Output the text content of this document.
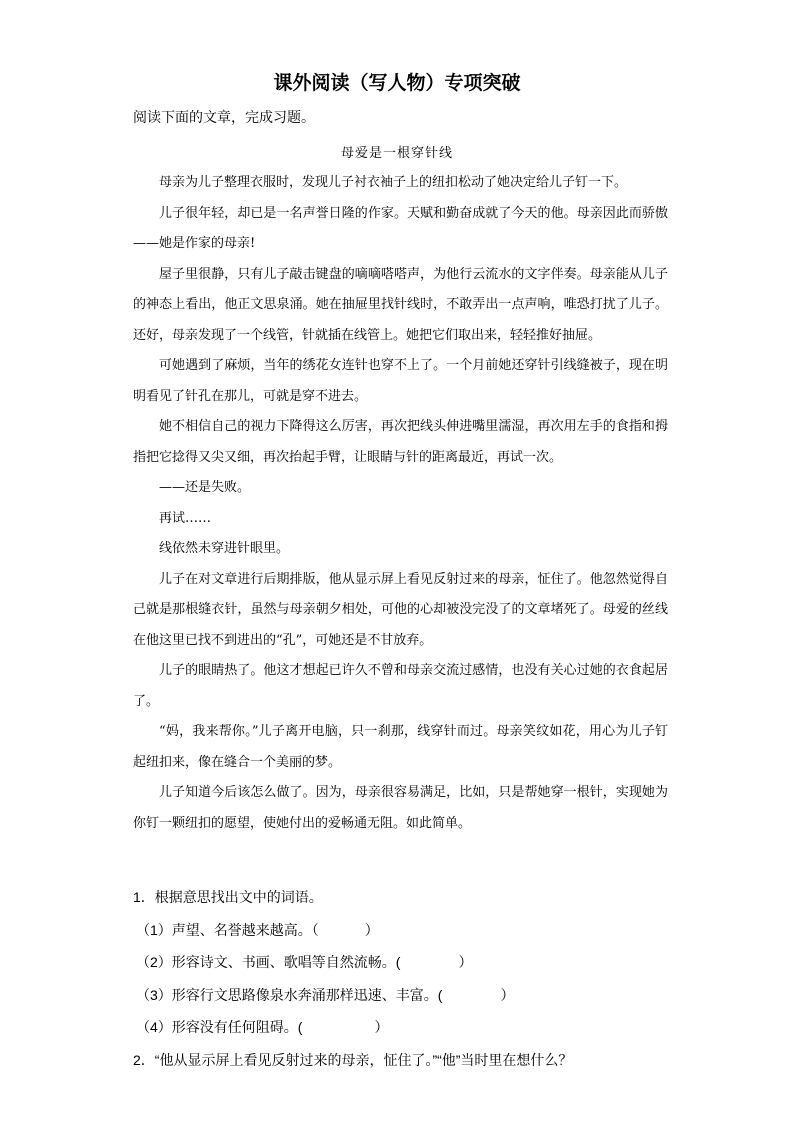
课外阅读（写人物）专项突破
阅读下面的文章，完成习题。
母爱是一根穿针线

母亲为儿子整理衣服时，发现儿子衬衣袖子上的纽扣松动了她决定给儿子钉一下。

儿子很年轻，却已是一名声誉日隆的作家。天赋和勤奋成就了今天的他。母亲因此而骄傲——她是作家的母亲!

屋子里很静，只有儿子敲击键盘的嘀嘀嗒嗒声，为他行云流水的文字伴奏。母亲能从儿子的神态上看出，他正文思泉涌。她在抽屉里找针线时，不敢弄出一点声响，唯恐打扰了儿子。还好，母亲发现了一个线管，针就插在线管上。她把它们取出来，轻轻推好抽屉。

可她遇到了麻烦，当年的绣花女连针也穿不上了。一个月前她还穿针引线缝被子，现在明明看见了针孔在那儿，可就是穿不进去。

她不相信自己的视力下降得这么厉害，再次把线头伸进嘴里濡湿，再次用左手的食指和拇指把它捻得又尖又细，再次抬起手臂，让眼睛与针的距离最近，再试一次。

——还是失败。

再试……

线依然未穿进针眼里。

儿子在对文章进行后期排版，他从显示屏上看见反射过来的母亲，怔住了。他忽然觉得自己就是那根缝衣针，虽然与母亲朝夕相处，可他的心却被没完没了的文章堵死了。母爱的丝线在他这里已找不到进出的“孔”，可她还是不甘放弃。

儿子的眼睛热了。他这才想起已许久不曾和母亲交流过感情，也没有关心过她的衣食起居了。

“妈，我来帮你。”儿子离开电脑，只一刹那，线穿针而过。母亲笑纹如花，用心为儿子钉起纽扣来，像在缝合一个美丽的梦。

儿子知道今后该怎么做了。因为，母亲很容易满足，比如，只是帮她穿一根针，实现她为你钉一颗纽扣的愿望，使她付出的爱畅通无阻。如此简单。

1．根据意思找出文中的词语。
（1）声望、名誉越来越高。（	）
（2）形容诗文、书画、歌唱等自然流畅。(	）
（3）形容行文思路像泉水奔涌那样迅速、丰富。(	）
（4）形容没有任何阻碍。(	）
2．“他从显示屏上看见反射过来的母亲，怔住了。”“他”当时里在想什么？
